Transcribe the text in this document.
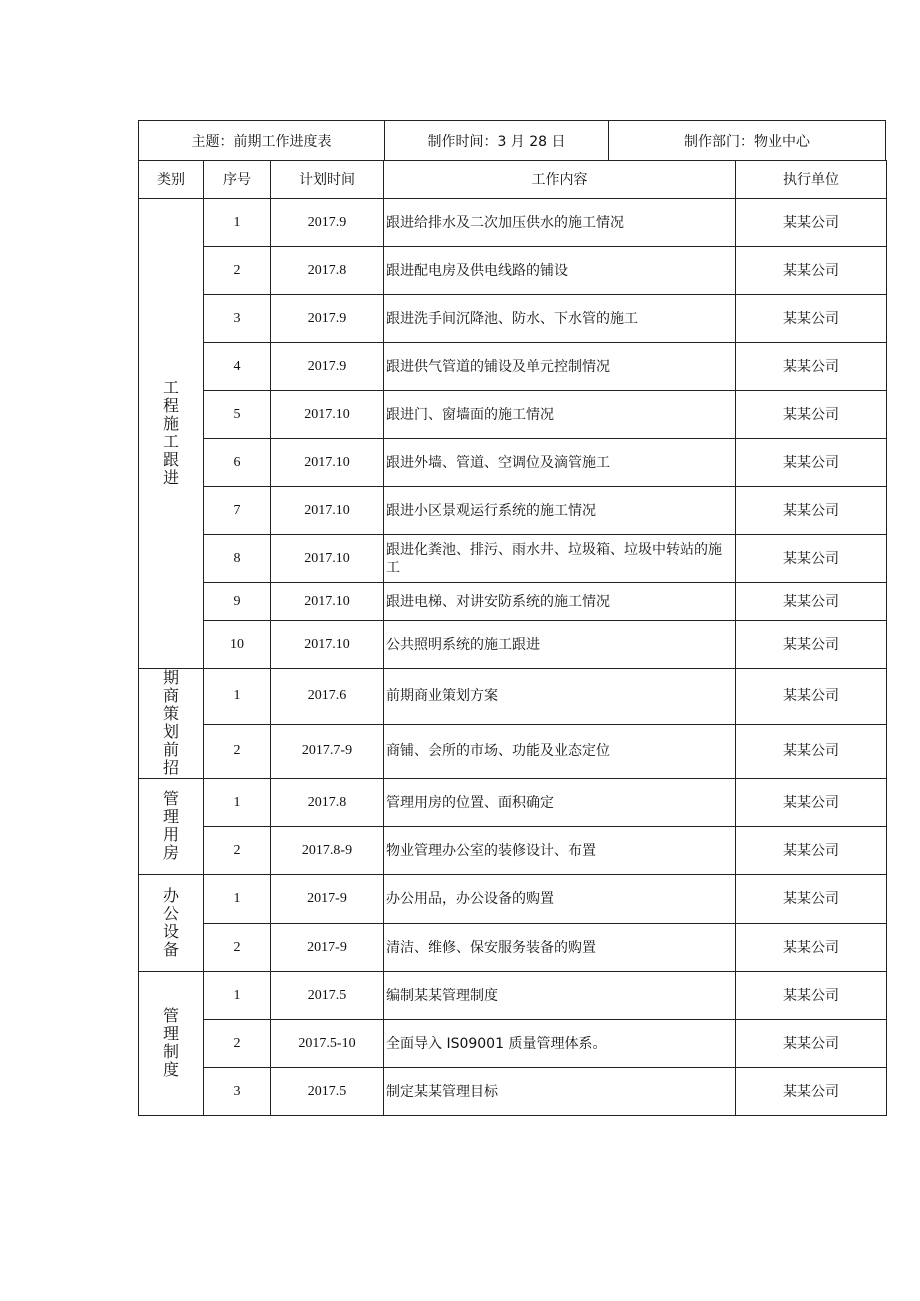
主题：前期工作进度表	制作时间：3 月 28 日	制作部门：物业中心
类别	序号	计划时间	工作内容	执行单位
工程施工跟进	1	2017.9	跟进给排水及二次加压供水的施工情况	某某公司
	2	2017.8	跟进配电房及供电线路的铺设	某某公司
	3	2017.9	跟进洗手间沉降池、防水、下水管的施工	某某公司
	4	2017.9	跟进供气管道的铺设及单元控制情况	某某公司
	5	2017.10	跟进门、窗墙面的施工情况	某某公司
	6	2017.10	跟进外墙、管道、空调位及滴管施工	某某公司
	7	2017.10	跟进小区景观运行系统的施工情况	某某公司
	8	2017.10	跟进化粪池、排污、雨水井、垃圾箱、垃圾中转站的施工	某某公司
	9	2017.10	跟进电梯、对讲安防系统的施工情况	某某公司
	10	2017.10	公共照明系统的施工跟进	某某公司
期商策划前招	1	2017.6	前期商业策划方案	某某公司
	2	2017.7-9	商铺、会所的市场、功能及业态定位	某某公司
管理用房	1	2017.8	管理用房的位置、面积确定	某某公司
	2	2017.8-9	物业管理办公室的装修设计、布置	某某公司
办公设备	1	2017-9	办公用品，办公设备的购置	某某公司
	2	2017-9	清洁、维修、保安服务装备的购置	某某公司
管理制度	1	2017.5	编制某某管理制度	某某公司
	2	2017.5-10	全面导入 IS09001 质量管理体系。	某某公司
	3	2017.5	制定某某管理目标	某某公司
